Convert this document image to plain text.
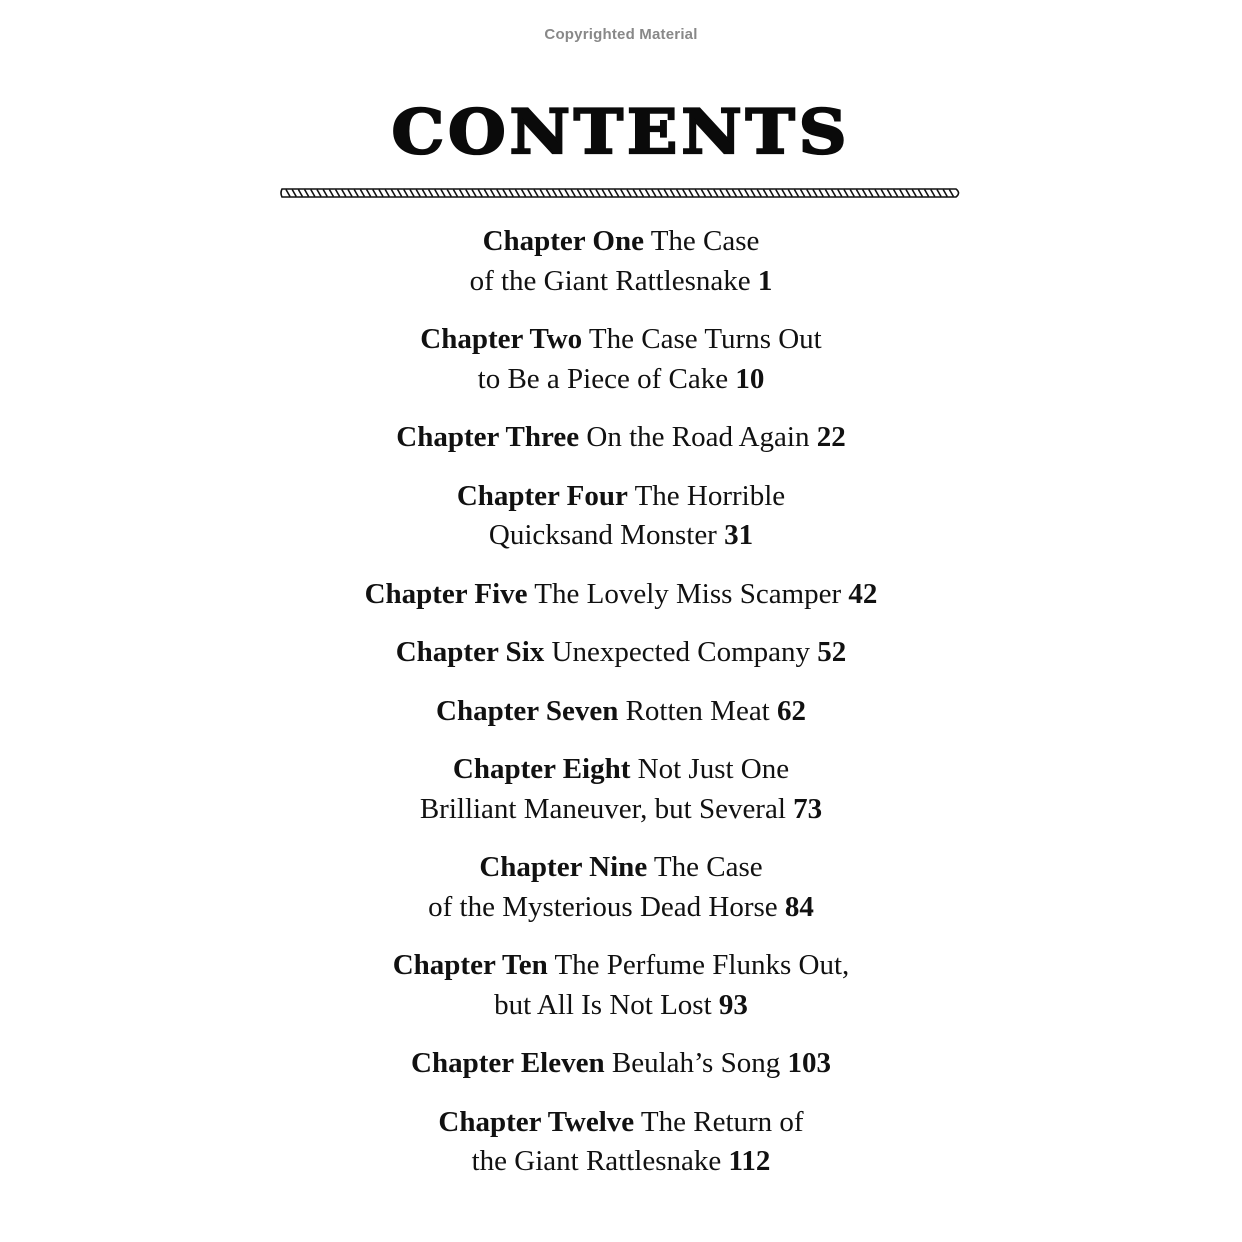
Copyrighted Material
CONTENTS
Chapter One The Case
of the Giant Rattlesnake 1
Chapter Two The Case Turns Out
to Be a Piece of Cake 10
Chapter Three On the Road Again 22
Chapter Four The Horrible
Quicksand Monster 31
Chapter Five The Lovely Miss Scamper 42
Chapter Six Unexpected Company 52
Chapter Seven Rotten Meat 62
Chapter Eight Not Just One
Brilliant Maneuver, but Several 73
Chapter Nine The Case
of the Mysterious Dead Horse 84
Chapter Ten The Perfume Flunks Out,
but All Is Not Lost 93
Chapter Eleven Beulah’s Song 103
Chapter Twelve The Return of
the Giant Rattlesnake 112
